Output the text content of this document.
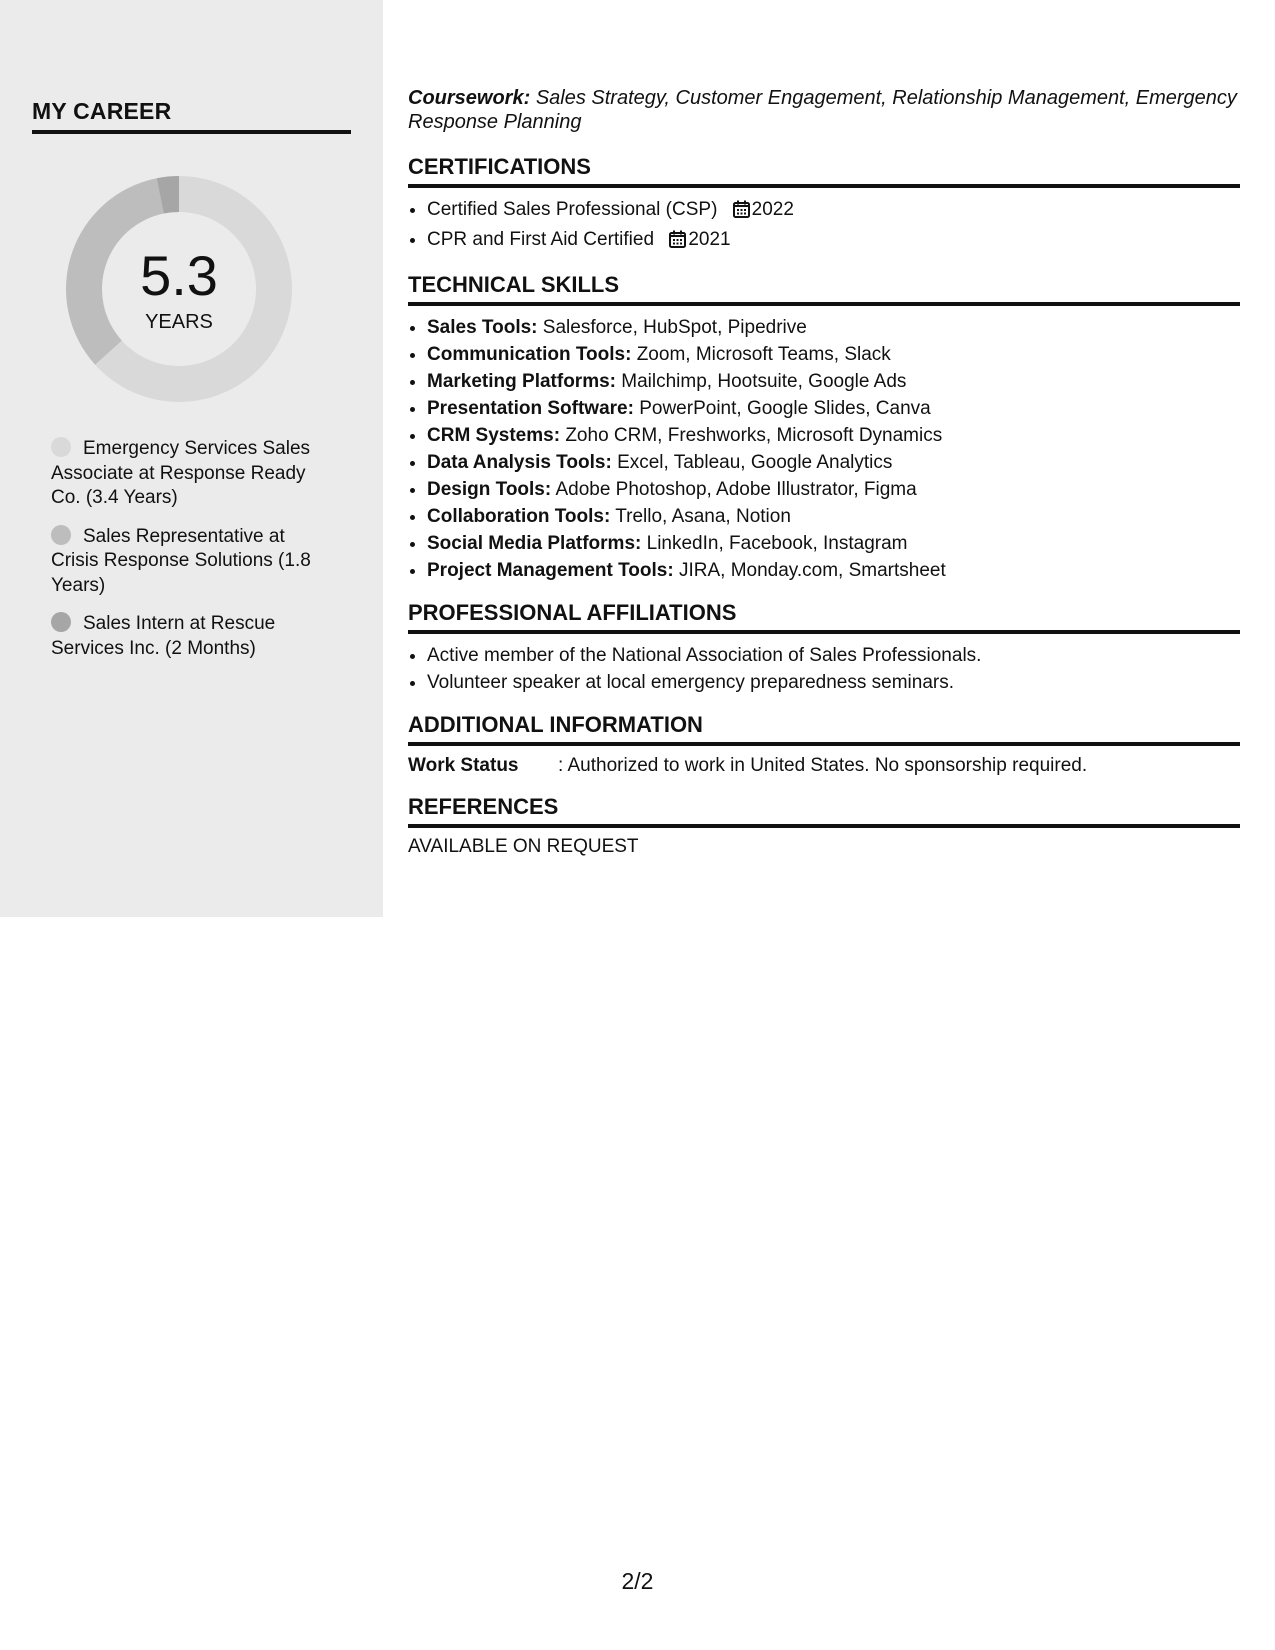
MY CAREER
5.3
YEARS
Emergency Services Sales Associate at Response Ready Co. (3.4 Years)
Sales Representative at Crisis Response Solutions (1.8 Years)
Sales Intern at Rescue Services Inc. (2 Months)

Coursework: Sales Strategy, Customer Engagement, Relationship Management, Emergency Response Planning

CERTIFICATIONS
• Certified Sales Professional (CSP) 2022
• CPR and First Aid Certified 2021
TECHNICAL SKILLS
• Sales Tools: Salesforce, HubSpot, Pipedrive
• Communication Tools: Zoom, Microsoft Teams, Slack
• Marketing Platforms: Mailchimp, Hootsuite, Google Ads
• Presentation Software: PowerPoint, Google Slides, Canva
• CRM Systems: Zoho CRM, Freshworks, Microsoft Dynamics
• Data Analysis Tools: Excel, Tableau, Google Analytics
• Design Tools: Adobe Photoshop, Adobe Illustrator, Figma
• Collaboration Tools: Trello, Asana, Notion
• Social Media Platforms: LinkedIn, Facebook, Instagram
• Project Management Tools: JIRA, Monday.com, Smartsheet
PROFESSIONAL AFFILIATIONS
• Active member of the National Association of Sales Professionals.
• Volunteer speaker at local emergency preparedness seminars.
ADDITIONAL INFORMATION
Work Status : Authorized to work in United States. No sponsorship required.
REFERENCES
AVAILABLE ON REQUEST
2/2
